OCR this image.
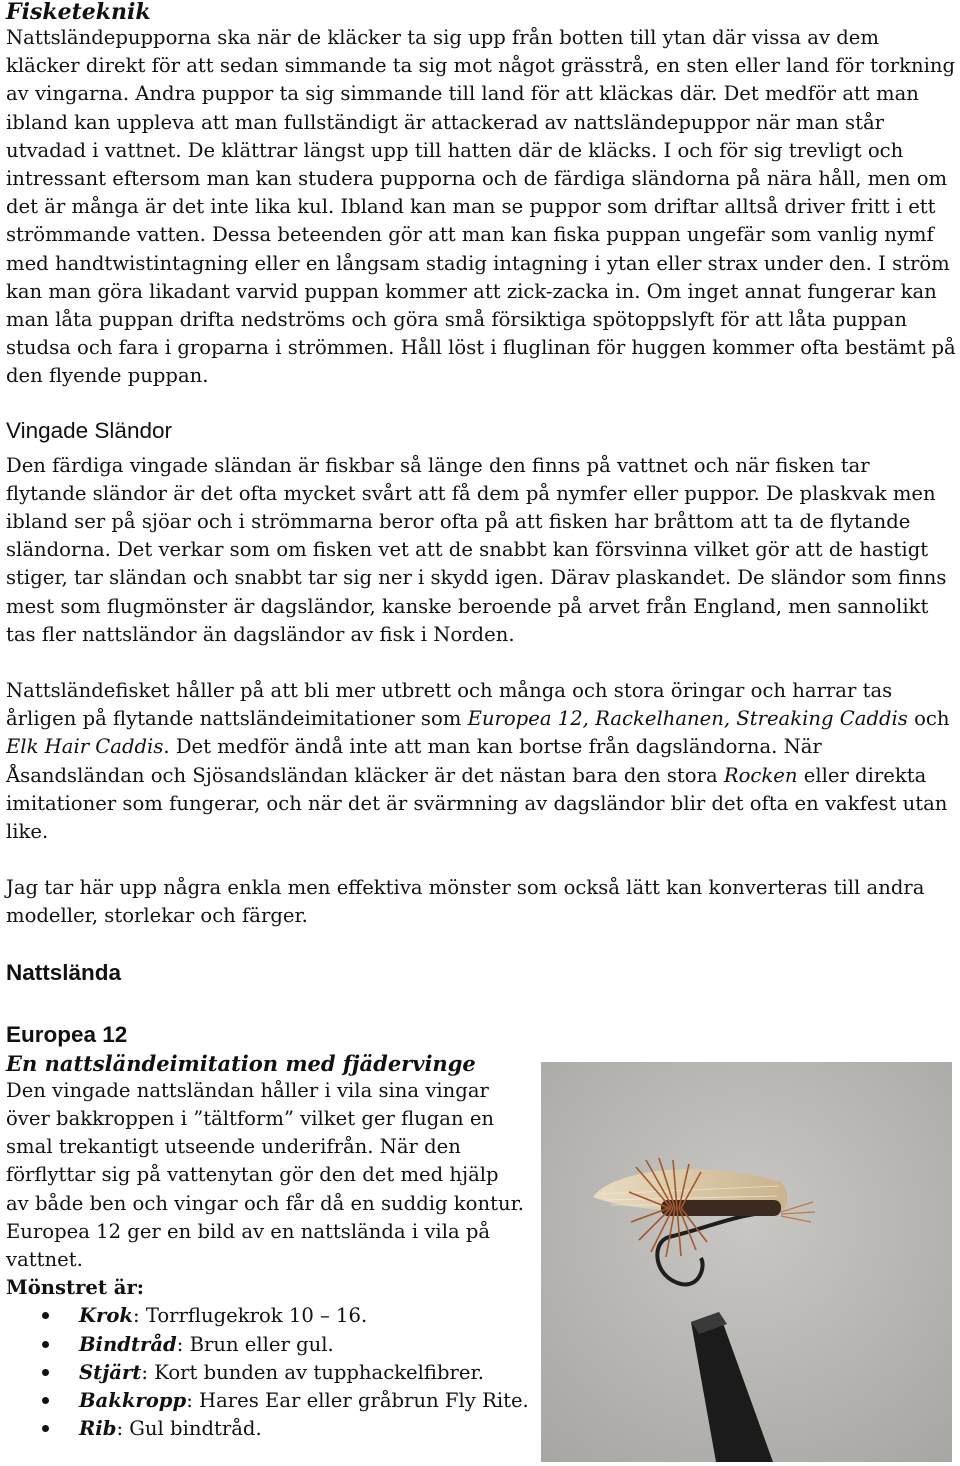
Fisketeknik

Nattsländepupporna ska när de kläcker ta sig upp från botten till ytan där vissa av dem kläcker direkt för att sedan simmande ta sig mot något grässtrå, en sten eller land för torkning av vingarna. Andra puppor ta sig simmande till land för att kläckas där. Det medför att man ibland kan uppleva att man fullständigt är attackerad av nattsländepuppor när man står utvadad i vattnet. De klättrar längst upp till hatten där de kläcks. I och för sig trevligt och intressant eftersom man kan studera pupporna och de färdiga sländorna på nära håll, men om det är många är det inte lika kul. Ibland kan man se puppor som driftar alltså driver fritt i ett strömmande vatten. Dessa beteenden gör att man kan fiska puppan ungefär som vanlig nymf med handtwistintagning eller en långsam stadig intagning i ytan eller strax under den. I ström kan man göra likadant varvid puppan kommer att zick-zacka in. Om inget annat fungerar kan man låta puppan drifta nedströms och göra små försiktiga spötoppslyft för att låta puppan studsa och fara i groparna i strömmen. Håll löst i fluglinan för huggen kommer ofta bestämt på den flyende puppan.

Vingade Sländor

Den färdiga vingade sländan är fiskbar så länge den finns på vattnet och när fisken tar flytande sländor är det ofta mycket svårt att få dem på nymfer eller puppor. De plaskvak men ibland ser på sjöar och i strömmarna beror ofta på att fisken har bråttom att ta de flytande sländorna. Det verkar som om fisken vet att de snabbt kan försvinna vilket gör att de hastigt stiger, tar sländan och snabbt tar sig ner i skydd igen. Därav plaskandet. De sländor som finns mest som flugmönster är dagsländor, kanske beroende på arvet från England, men sannolikt tas fler nattsländor än dagsländor av fisk i Norden.

Nattsländefisket håller på att bli mer utbrett och många och stora öringar och harrar tas årligen på flytande nattsländeimitationer som Europea 12, Rackelhanen, Streaking Caddis och Elk Hair Caddis. Det medför ändå inte att man kan bortse från dagsländorna. När Åsandsländan och Sjösandsländan kläcker är det nästan bara den stora Rocken eller direkta imitationer som fungerar, och när det är svärmning av dagsländor blir det ofta en vakfest utan like.

Jag tar här upp några enkla men effektiva mönster som också lätt kan konverteras till andra modeller, storlekar och färger.

Nattslända
Europea 12
En nattsländeimitation med fjädervinge

Den vingade nattsländan håller i vila sina vingar över bakkroppen i ”tältform” vilket ger flugan en smal trekantigt utseende underifrån. När den förflyttar sig på vattenytan gör den det med hjälp av både ben och vingar och får då en suddig kontur. Europea 12 ger en bild av en nattslända i vila på vattnet.

Mönstret är:
Krok: Torrflugekrok 10 – 16.
Bindtråd: Brun eller gul.
Stjärt: Kort bunden av tupphackelfibrer.
Bakkropp: Hares Ear eller gråbrun Fly Rite.
Rib: Gul bindtråd.
